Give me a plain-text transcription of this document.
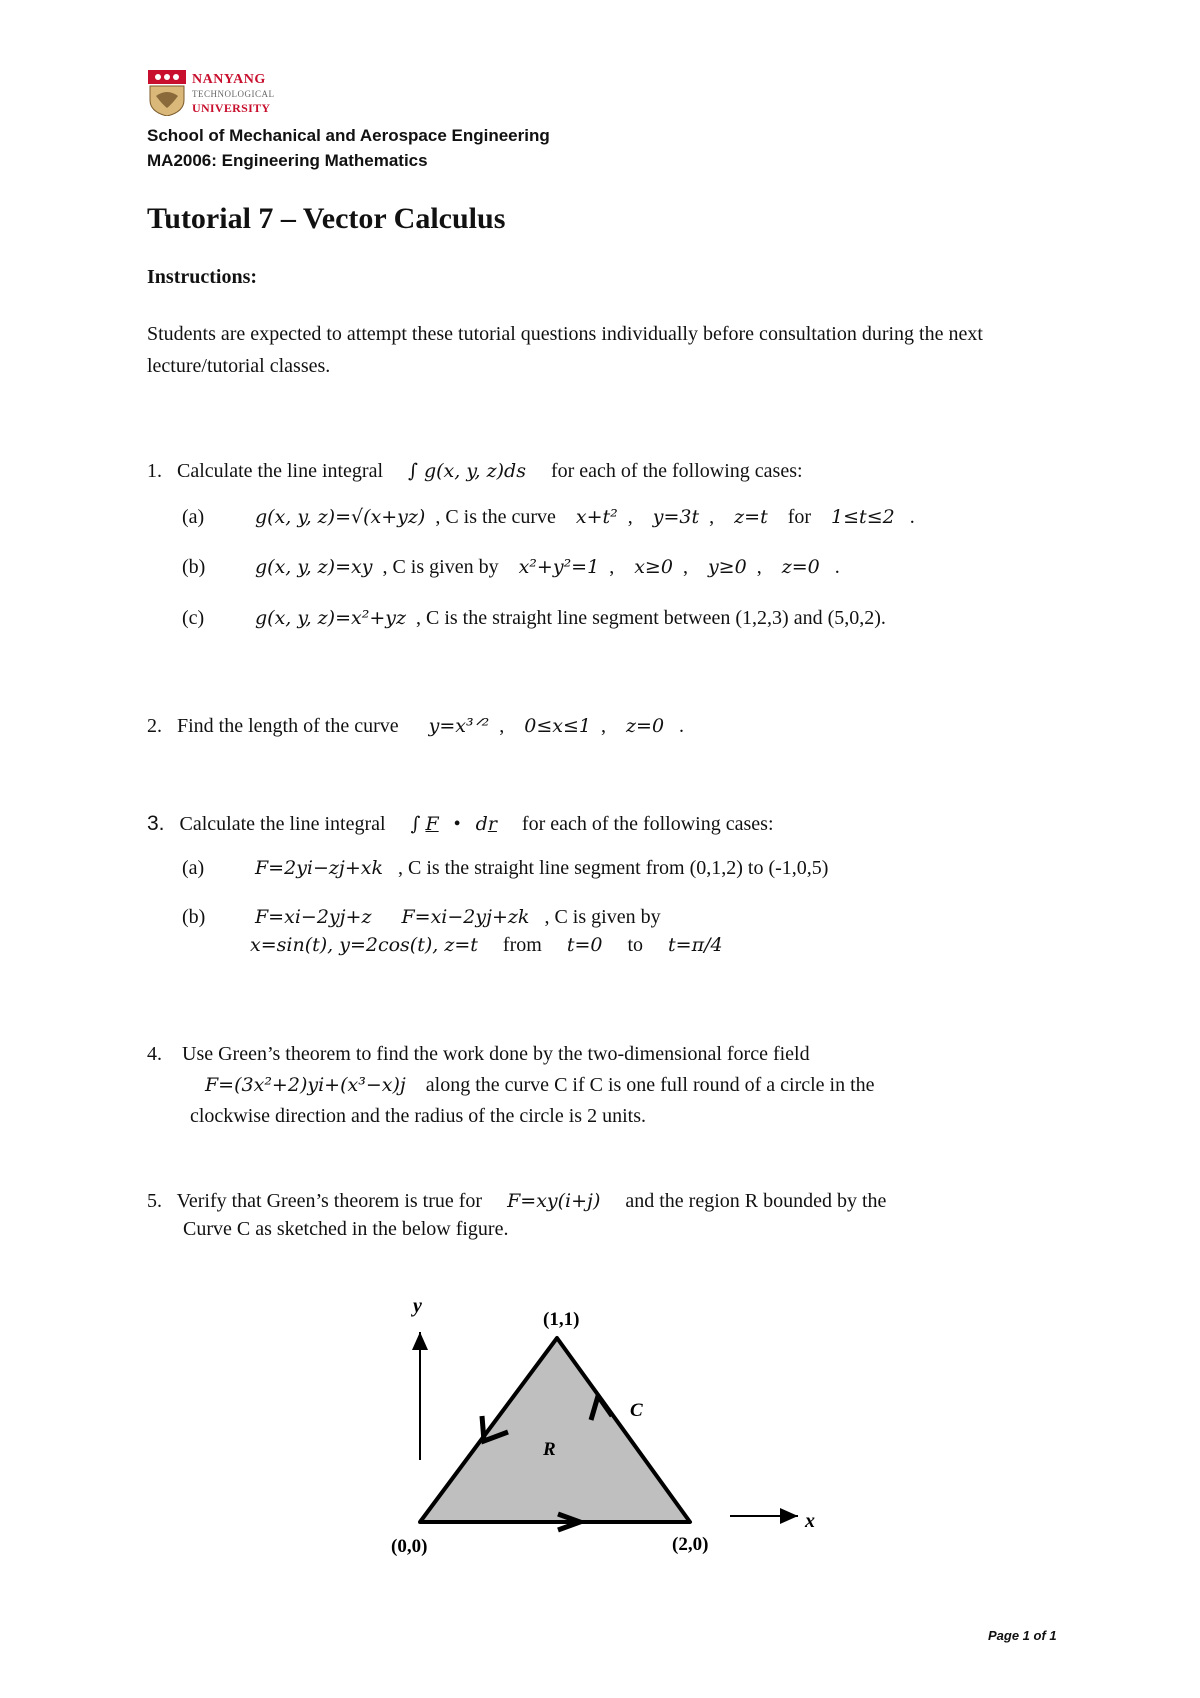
NANYANG
TECHNOLOGICAL
UNIVERSITY
School of Mechanical and Aerospace Engineering
MA2006: Engineering Mathematics
Tutorial 7 – Vector Calculus
Instructions:
Students are expected to attempt these tutorial questions individually before consultation during the next lecture/tutorial classes.
1. Calculate the line integral ∫ g(x, y, z)ds for each of the following cases:
(a)	g(x, y, z)=√(x+yz) , C is the curve x+t²  ,    y=3t  ,    z=t for 1≤t≤2 .
(b)	g(x, y, z)=xy , C is given by x²+y²=1  ,    x≥0  ,    y≥0  ,    z=0 .
(c)	g(x, y, z)=x²+yz , C is the straight line segment between (1,2,3) and (5,0,2).
2. Find the length of the curve y=x³ᐟ²  ,    0≤x≤1  ,    z=0 .
3. Calculate the line integral ∫ F • dr for each of the following cases:
(a)	F=2yi−zj+xk , C is the straight line segment from (0,1,2) to (-1,0,5)
(b)	F=xi−2yj+z F=xi−2yj+zk , C is given by
x=sin(t), y=2cos(t), z=t from t=0 to t=π/4
4. Use Green’s theorem to find the work done by the two-dimensional force field
F=(3x²+2)yi+(x³−x)j along the curve C if C is one full round of a circle in the
clockwise direction and the radius of the circle is 2 units.
5. Verify that Green’s theorem is true for F=xy(i+j) and the region R bounded by the
Curve C as sketched in the below figure.
y
x
(1,1)
(0,0)	(2,0)
R
C
Page 1 of 1
